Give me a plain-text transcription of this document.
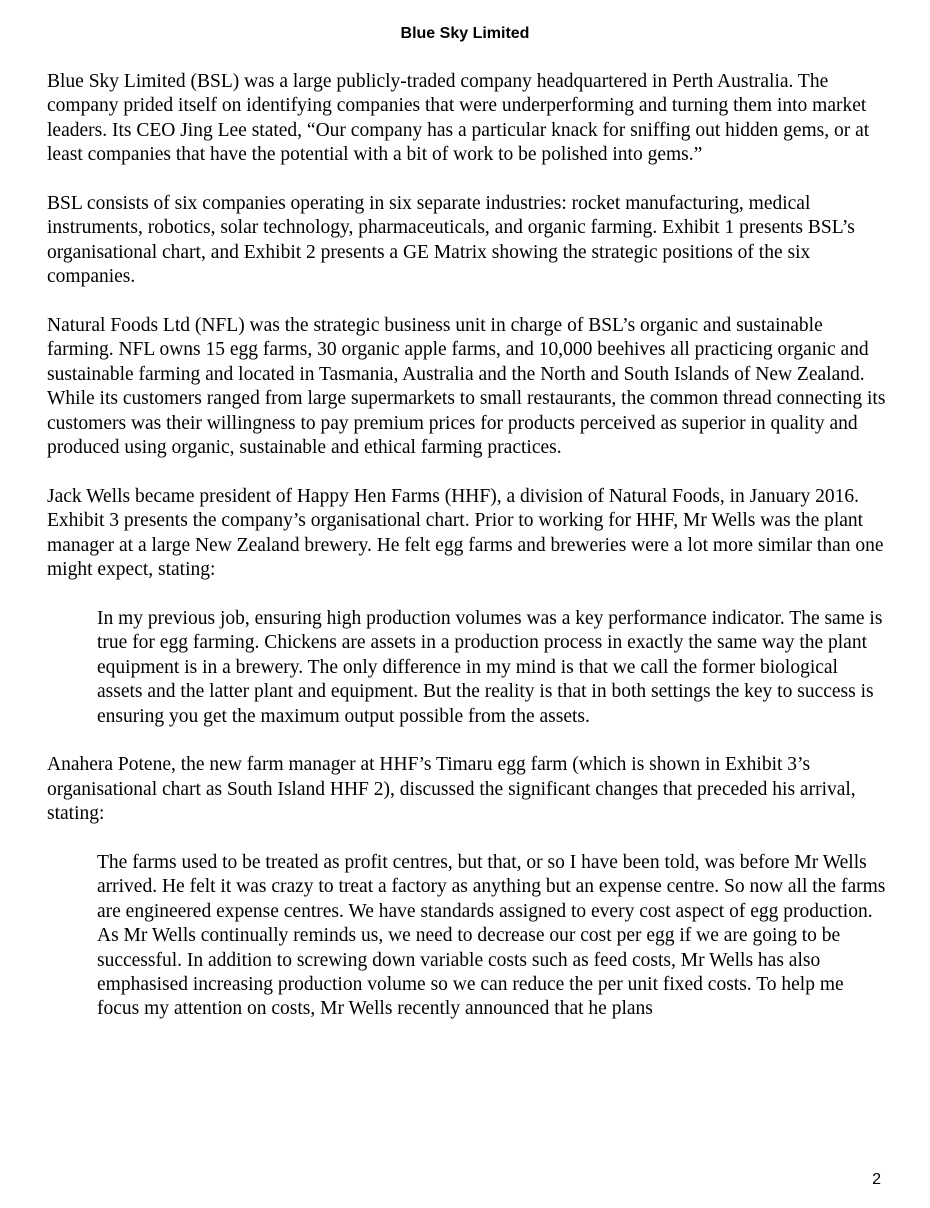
Blue Sky Limited

Blue Sky Limited (BSL) was a large publicly-traded company headquartered in Perth Australia. The company prided itself on identifying companies that were underperforming and turning them into market leaders. Its CEO Jing Lee stated, “Our company has a particular knack for sniffing out hidden gems, or at least companies that have the potential with a bit of work to be polished into gems.”

BSL consists of six companies operating in six separate industries: rocket manufacturing, medical instruments, robotics, solar technology, pharmaceuticals, and organic farming. Exhibit 1 presents BSL’s organisational chart, and Exhibit 2 presents a GE Matrix showing the strategic positions of the six companies.

Natural Foods Ltd (NFL) was the strategic business unit in charge of BSL’s organic and sustainable farming. NFL owns 15 egg farms, 30 organic apple farms, and 10,000 beehives all practicing organic and sustainable farming and located in Tasmania, Australia and the North and South Islands of New Zealand. While its customers ranged from large supermarkets to small restaurants, the common thread connecting its customers was their willingness to pay premium prices for products perceived as superior in quality and produced using organic, sustainable and ethical farming practices.

Jack Wells became president of Happy Hen Farms (HHF), a division of Natural Foods, in January 2016. Exhibit 3 presents the company’s organisational chart. Prior to working for HHF, Mr Wells was the plant manager at a large New Zealand brewery. He felt egg farms and breweries were a lot more similar than one might expect, stating:

In my previous job, ensuring high production volumes was a key performance indicator. The same is true for egg farming. Chickens are assets in a production process in exactly the same way the plant equipment is in a brewery. The only difference in my mind is that we call the former biological assets and the latter plant and equipment. But the reality is that in both settings the key to success is ensuring you get the maximum output possible from the assets.

Anahera Potene, the new farm manager at HHF’s Timaru egg farm (which is shown in Exhibit 3’s organisational chart as South Island HHF 2), discussed the significant changes that preceded his arrival, stating:

The farms used to be treated as profit centres, but that, or so I have been told, was before Mr Wells arrived. He felt it was crazy to treat a factory as anything but an expense centre. So now all the farms are engineered expense centres. We have standards assigned to every cost aspect of egg production. As Mr Wells continually reminds us, we need to decrease our cost per egg if we are going to be successful. In addition to screwing down variable costs such as feed costs, Mr Wells has also emphasised increasing production volume so we can reduce the per unit fixed costs. To help me focus my attention on costs, Mr Wells recently announced that he plans

2
